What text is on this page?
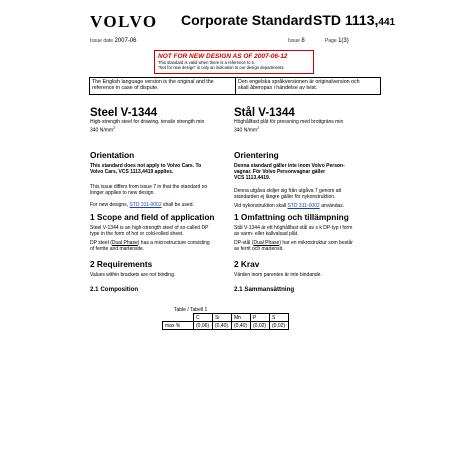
VOLVO Corporate Standard STD 1113,441
Issue date 2007-06	Issue 8	Page 1(3)
NOT FOR NEW DESIGN AS OF 2007-06-12
This standard is valid when there is a reference to it.
"Not for new design" is only an indication to our design departments.
The English language version is the original and the
reference in case of dispute.
Den engelska språkversionen är originalversion och
skall åberopas i händelse av tvist.
Steel V-1344
High-strength steel for drawing, tensile strength min
340 $N/mm^2$
Orientation
This standard does not apply to Volvo Cars. To
Volvo Cars, VCS 1113,4419 applies.
This issue differs from issue 7 in that the standard no
longer applies to new design.
For new designs, STD 311-0002 shall be used.
1 Scope and field of application
Steel V-1344 is an high-strength steel of so-called DP
type in the form of hot or cold-rolled sheet.
DP steel (Dual Phase) has a microstructure consisting
of ferrite and martensite.
2 Requirements
Values within brackets are not binding.
2.1 Composition
Stål V-1344
Höghållfast plåt för pressning med brottgräns min
340 $N/mm^2$
Orientering
Denna standard gäller inte inom Volvo Person-
vagnar. För Volvo Personvagnar gäller
VCS 1113,4419.
Denna utgåva skiljer sig från utgåva 7 genom att
standarden ej längre gäller för nykonstruktion.
Vid nykonstruktion skall STD 311-0002 användas.
1 Omfattning och tillämpning
Stål V-1344 är ett höghållfast stål av s k DP-typ i form
av varm- eller kallvalsad plåt.
DP-stål (Dual Phase) har en mikrostruktur som består
av ferrit och martensit.
2 Krav
Värden inom parentes är inte bindande.
2.1 Sammansättning
Table / Tabell 1
	C	Si	Mn	P	S
max %	(0,06)	(0,40)	(0,40)	(0,02)	(0,02)
